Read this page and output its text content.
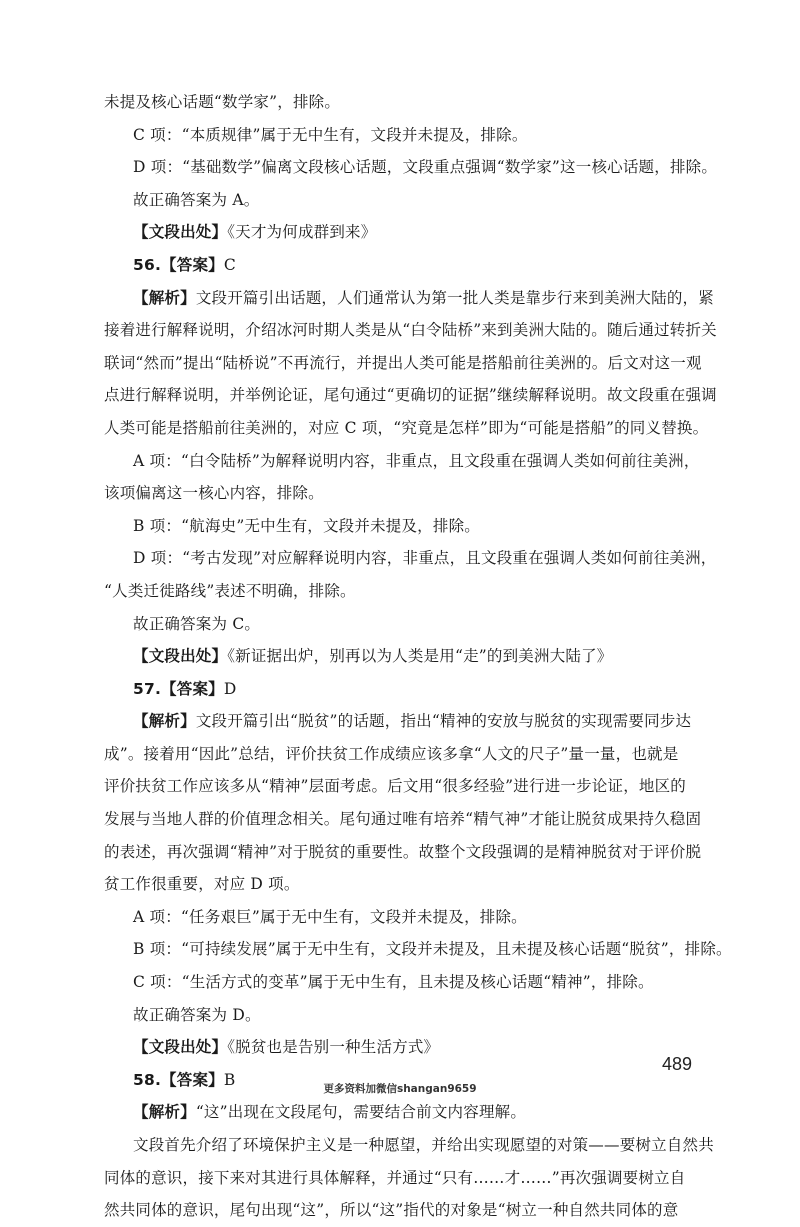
未提及核心话题“数学家”，排除。
C 项：“本质规律”属于无中生有，文段并未提及，排除。
D 项：“基础数学”偏离文段核心话题，文段重点强调“数学家”这一核心话题，排除。
故正确答案为 A。
【文段出处】《天才为何成群到来》
56.【答案】C
【解析】文段开篇引出话题，人们通常认为第一批人类是靠步行来到美洲大陆的，紧
接着进行解释说明，介绍冰河时期人类是从“白令陆桥”来到美洲大陆的。随后通过转折关
联词“然而”提出“陆桥说”不再流行，并提出人类可能是搭船前往美洲的。后文对这一观
点进行解释说明，并举例论证，尾句通过“更确切的证据”继续解释说明。故文段重在强调
人类可能是搭船前往美洲的，对应 C 项，“究竟是怎样”即为“可能是搭船”的同义替换。
A 项：“白令陆桥”为解释说明内容，非重点，且文段重在强调人类如何前往美洲，
该项偏离这一核心内容，排除。
B 项：“航海史”无中生有，文段并未提及，排除。
D 项：“考古发现”对应解释说明内容，非重点，且文段重在强调人类如何前往美洲，
“人类迁徙路线”表述不明确，排除。
故正确答案为 C。
【文段出处】《新证据出炉，别再以为人类是用“走”的到美洲大陆了》
57.【答案】D
【解析】文段开篇引出“脱贫”的话题，指出“精神的安放与脱贫的实现需要同步达
成”。接着用“因此”总结，评价扶贫工作成绩应该多拿“人文的尺子”量一量，也就是
评价扶贫工作应该多从“精神”层面考虑。后文用“很多经验”进行进一步论证，地区的
发展与当地人群的价值理念相关。尾句通过唯有培养“精气神”才能让脱贫成果持久稳固
的表述，再次强调“精神”对于脱贫的重要性。故整个文段强调的是精神脱贫对于评价脱
贫工作很重要，对应 D 项。
A 项：“任务艰巨”属于无中生有，文段并未提及，排除。
B 项：“可持续发展”属于无中生有，文段并未提及，且未提及核心话题“脱贫”，排除。
C 项：“生活方式的变革”属于无中生有，且未提及核心话题“精神”，排除。
故正确答案为 D。
【文段出处】《脱贫也是告别一种生活方式》
58.【答案】B
【解析】“这”出现在文段尾句，需要结合前文内容理解。
文段首先介绍了环境保护主义是一种愿望，并给出实现愿望的对策——要树立自然共
同体的意识，接下来对其进行具体解释，并通过“只有……才……”再次强调要树立自
然共同体的意识，尾句出现“这”，所以“这”指代的对象是“树立一种自然共同体的意
489
更多资料加微信shangan9659
